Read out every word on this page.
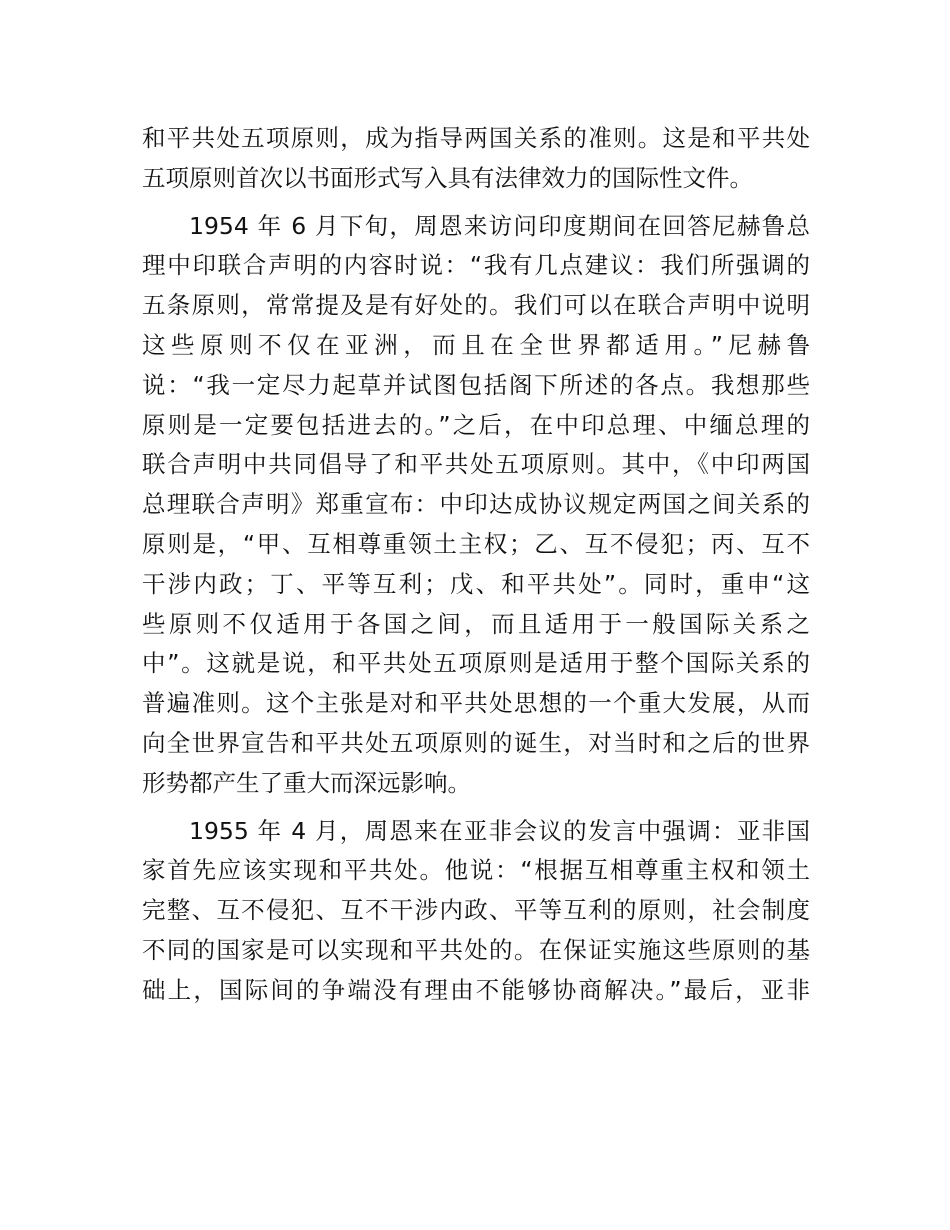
和平共处五项原则，成为指导两国关系的准则。这是和平共处
五项原则首次以书面形式写入具有法律效力的国际性文件。
1954 年 6 月下旬，周恩来访问印度期间在回答尼赫鲁总
理中印联合声明的内容时说：“我有几点建议：我们所强调的
五条原则，常常提及是有好处的。我们可以在联合声明中说明
这些原则不仅在亚洲，而且在全世界都适用。”尼赫鲁
说：“我一定尽力起草并试图包括阁下所述的各点。我想那些
原则是一定要包括进去的。”之后，在中印总理、中缅总理的
联合声明中共同倡导了和平共处五项原则。其中，《中印两国
总理联合声明》郑重宣布：中印达成协议规定两国之间关系的
原则是，“甲、互相尊重领土主权；乙、互不侵犯；丙、互不
干涉内政；丁、平等互利；戊、和平共处”。同时，重申“这
些原则不仅适用于各国之间，而且适用于一般国际关系之
中”。这就是说，和平共处五项原则是适用于整个国际关系的
普遍准则。这个主张是对和平共处思想的一个重大发展，从而
向全世界宣告和平共处五项原则的诞生，对当时和之后的世界
形势都产生了重大而深远影响。
1955 年 4 月，周恩来在亚非会议的发言中强调：亚非国
家首先应该实现和平共处。他说：“根据互相尊重主权和领土
完整、互不侵犯、互不干涉内政、平等互利的原则，社会制度
不同的国家是可以实现和平共处的。在保证实施这些原则的基
础上，国际间的争端没有理由不能够协商解决。”最后，亚非
